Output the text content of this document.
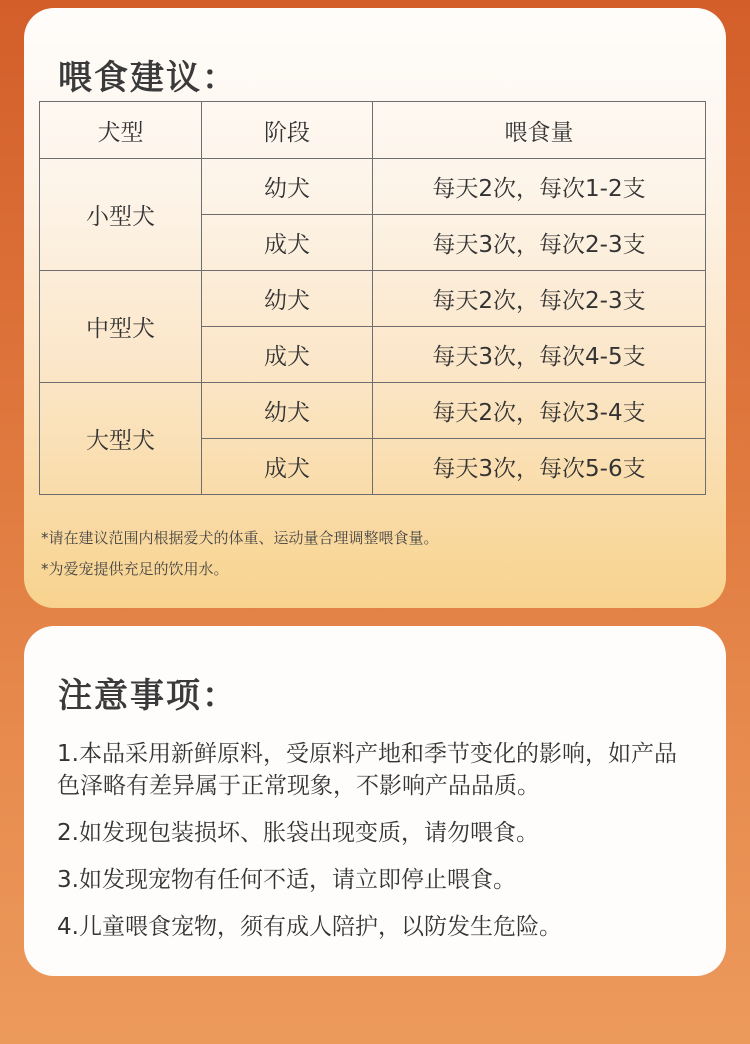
喂食建议：
犬型	阶段	喂食量
小型犬	幼犬	每天2次，每次1-2支
	成犬	每天3次，每次2-3支
中型犬	幼犬	每天2次，每次2-3支
	成犬	每天3次，每次4-5支
大型犬	幼犬	每天2次，每次3-4支
	成犬	每天3次，每次5-6支

*请在建议范围内根据爱犬的体重、运动量合理调整喂食量。

*为爱宠提供充足的饮用水。

注意事项：
1.本品采用新鲜原料，受原料产地和季节变化的影响，如产品色泽略有差异属于正常现象，不影响产品品质。
2.如发现包装损坏、胀袋出现变质，请勿喂食。
3.如发现宠物有任何不适，请立即停止喂食。
4.儿童喂食宠物，须有成人陪护，以防发生危险。
